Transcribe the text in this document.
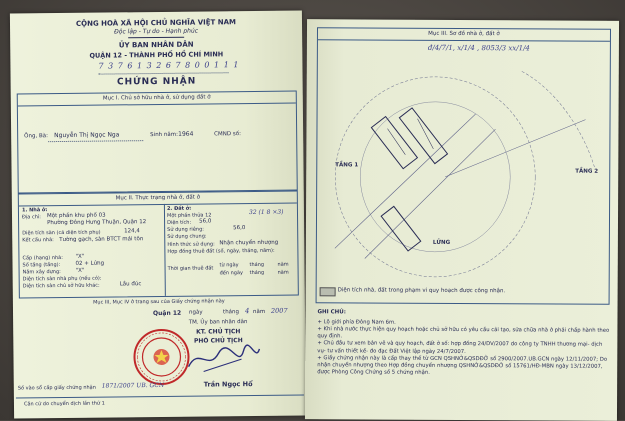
CỘNG HOÀ XÃ HỘI CHỦ NGHĨA VIỆT NAM
Độc lập - Tự do - Hạnh phúc
ỦY BAN NHÂN DÂN
QUẬN 12 - THÀNH PHỐ HỒ CHÍ MINH
7 3 7 6 1 3 2 6 7 8 0 0 1 1 1
CHỨNG NHẬN
Mục I. Chủ sở hữu nhà ở, sử dụng đất ở
Ông, Bà: Nguyễn Thị Ngọc Nga	Sinh năm: 1964	CMND số:
Mục II. Thực trạng nhà ở, đất ở
1. Nhà ở:	2. Đất ở:
Địa chỉ: Một phần khu phố 03
Phường Đông Hưng Thuận, Quận 12
Một phần thửa 12	32 (1 8 ×3)
Diện tích: 56,0
Sử dụng riêng:	56,0
Sử dụng chung:
Diện tích sàn (cả diện tích phụ)	124,4
Kết cấu nhà: Tường gạch, sàn BTCT mái tôn
Hình thức sử dụng: Nhận chuyển nhượng
Hợp đồng thuê đất (số, ngày, tháng, năm):
Cấp (hạng) nhà: "X"
Số tầng (tầng):	02 + Lửng
Năm xây dựng:	"X"
Diện tích sàn nhà phụ (nếu có):
Diện tích sàn chủ sở hữu khác:	Lầu đúc
Thời gian thuê đất
từ ngày tháng	năm
đến ngày tháng	năm
Mục III, Mục IV ở trang sau của Giấy chứng nhận này
Quận 12 ngày	tháng 4 năm 2007
TM. Ủy ban nhân dân
KT. CHỦ TỊCH
PHÓ CHỦ TỊCH
Trần Ngọc Hổ
Số vào sổ cấp giấy chứng nhận 1871/2007 UB. GCN
Căn cứ do chuyển dịch lần thứ 1
Mục III. Sơ đồ nhà ở, đất ở
đ/4/7/1, x/1/4 , 8053/3 xx/1/4
TẦNG 1
TẦNG 2
LỬNG
GHI CHÚ:
Diện tích nhà, đất trong phạm vi quy hoạch được công nhận.
+ Lộ giới phía Đông Nam 6m.
+ Khi nhà nước thực hiện quy hoạch hoặc chủ sở hữu có yêu cầu cải tạo, sửa chữa nhà ở phải chấp hành theo quy định.
+ Chủ đầu tư xem bản vẽ và quy hoạch, đất ở số: hợp đồng 24/DV/2007 do công ty TNHH thương mại- dịch vụ- tư vấn thiết kế- đo đạc Đất Việt lập ngày 24/7/2007.
+ Giấy chứng nhận này là cấp thay thế từ GCN QSHNỞ&QSDĐỞ số 2900/2007.UB.GCN ngày 12/11/2007; Do nhận chuyển nhượng theo Hợp đồng chuyển nhượng QSHNỞ&QSDĐỞ số 15761/HĐ-MBN ngày 13/12/2007, được Phòng Công Chứng số 5 chứng nhận.
